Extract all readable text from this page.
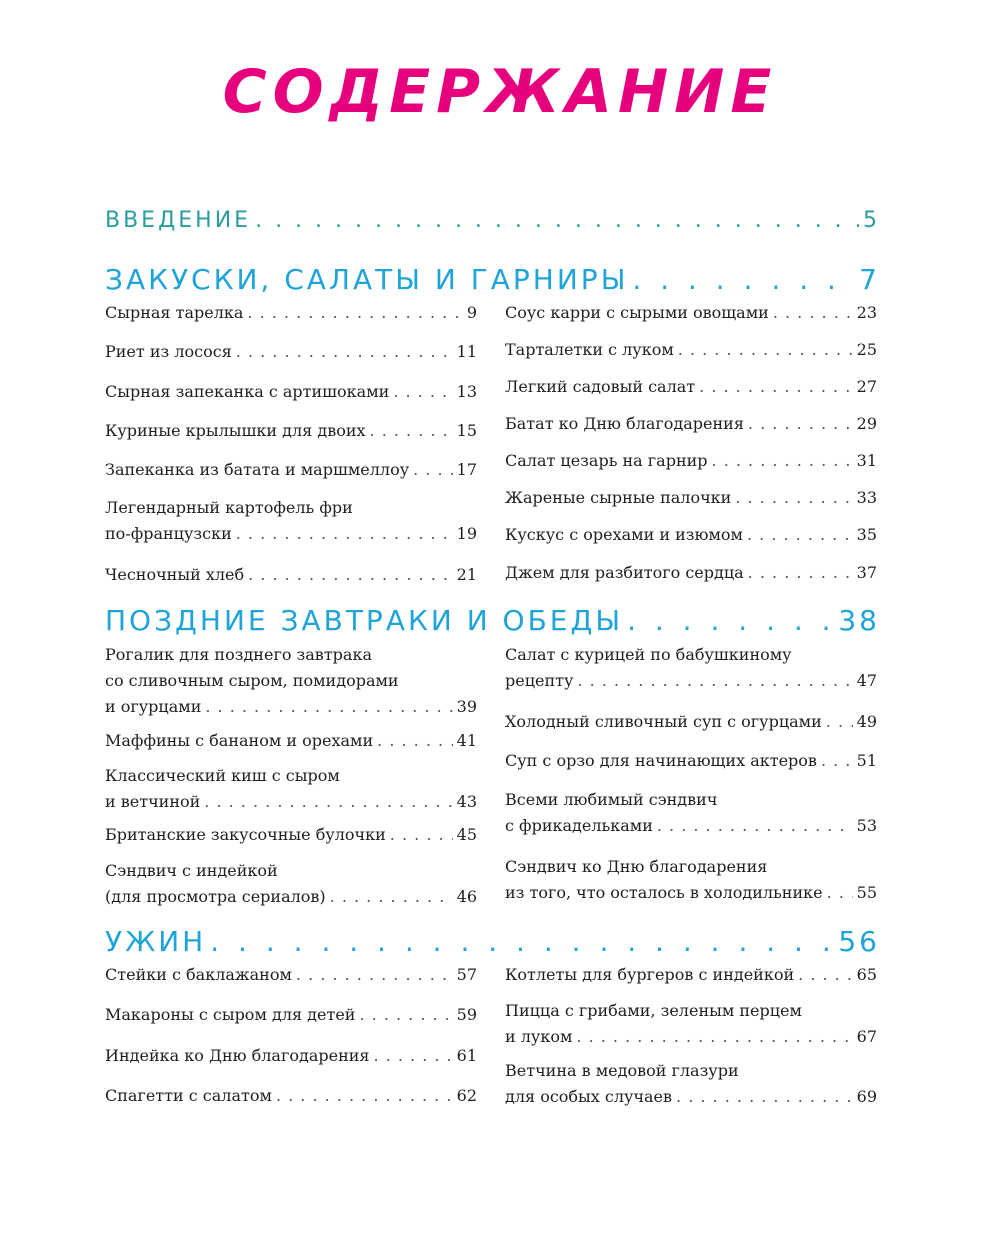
СОДЕРЖАНИЕ
ВВЕДЕНИЕ . . .	5
ЗАКУСКИ, САЛАТЫ И ГАРНИРЫ . . .	7
Сырная тарелка . . .	9
Риет из лосося . . .	11
Сырная запеканка с артишоками . . .	13
Куриные крылышки для двоих . . .	15
Запеканка из батата и маршмеллоу . . .	17
Легендарный картофель фри
по-французски . . .	19
Чесночный хлеб . . .	21
Соус карри с сырыми овощами . . .	23
Тарталетки с луком . . .	25
Легкий садовый салат . . .	27
Батат ко Дню благодарения . . .	29
Салат цезарь на гарнир . . .	31
Жареные сырные палочки . . .	33
Кускус с орехами и изюмом . . .	35
Джем для разбитого сердца . . .	37
ПОЗДНИЕ ЗАВТРАКИ И ОБЕДЫ . . .	38
Рогалик для позднего завтрака
со сливочным сыром, помидорами
и огурцами . . .	39
Маффины с бананом и орехами . . .	41
Классический киш с сыром
и ветчиной . . .	43
Британские закусочные булочки . . .	45
Сэндвич с индейкой
(для просмотра сериалов) . . .	46
Салат с курицей по бабушкиному
рецепту . . .	47
Холодный сливочный суп с огурцами . . . 49
Суп с орзо для начинающих актеров . . . 51
Всеми любимый сэндвич
с фрикадельками . . .	53
Сэндвич ко Дню благодарения
из того, что осталось в холодильнике . . . 55
УЖИН . . .	56
Стейки с баклажаном . . .	57
Макароны с сыром для детей . . .	59
Индейка ко Дню благодарения . . .	61
Спагетти с салатом . . .	62
Котлеты для бургеров с индейкой . . .	65
Пицца с грибами, зеленым перцем
и луком . . .	67
Ветчина в медовой глазури
для особых случаев . . .	69
